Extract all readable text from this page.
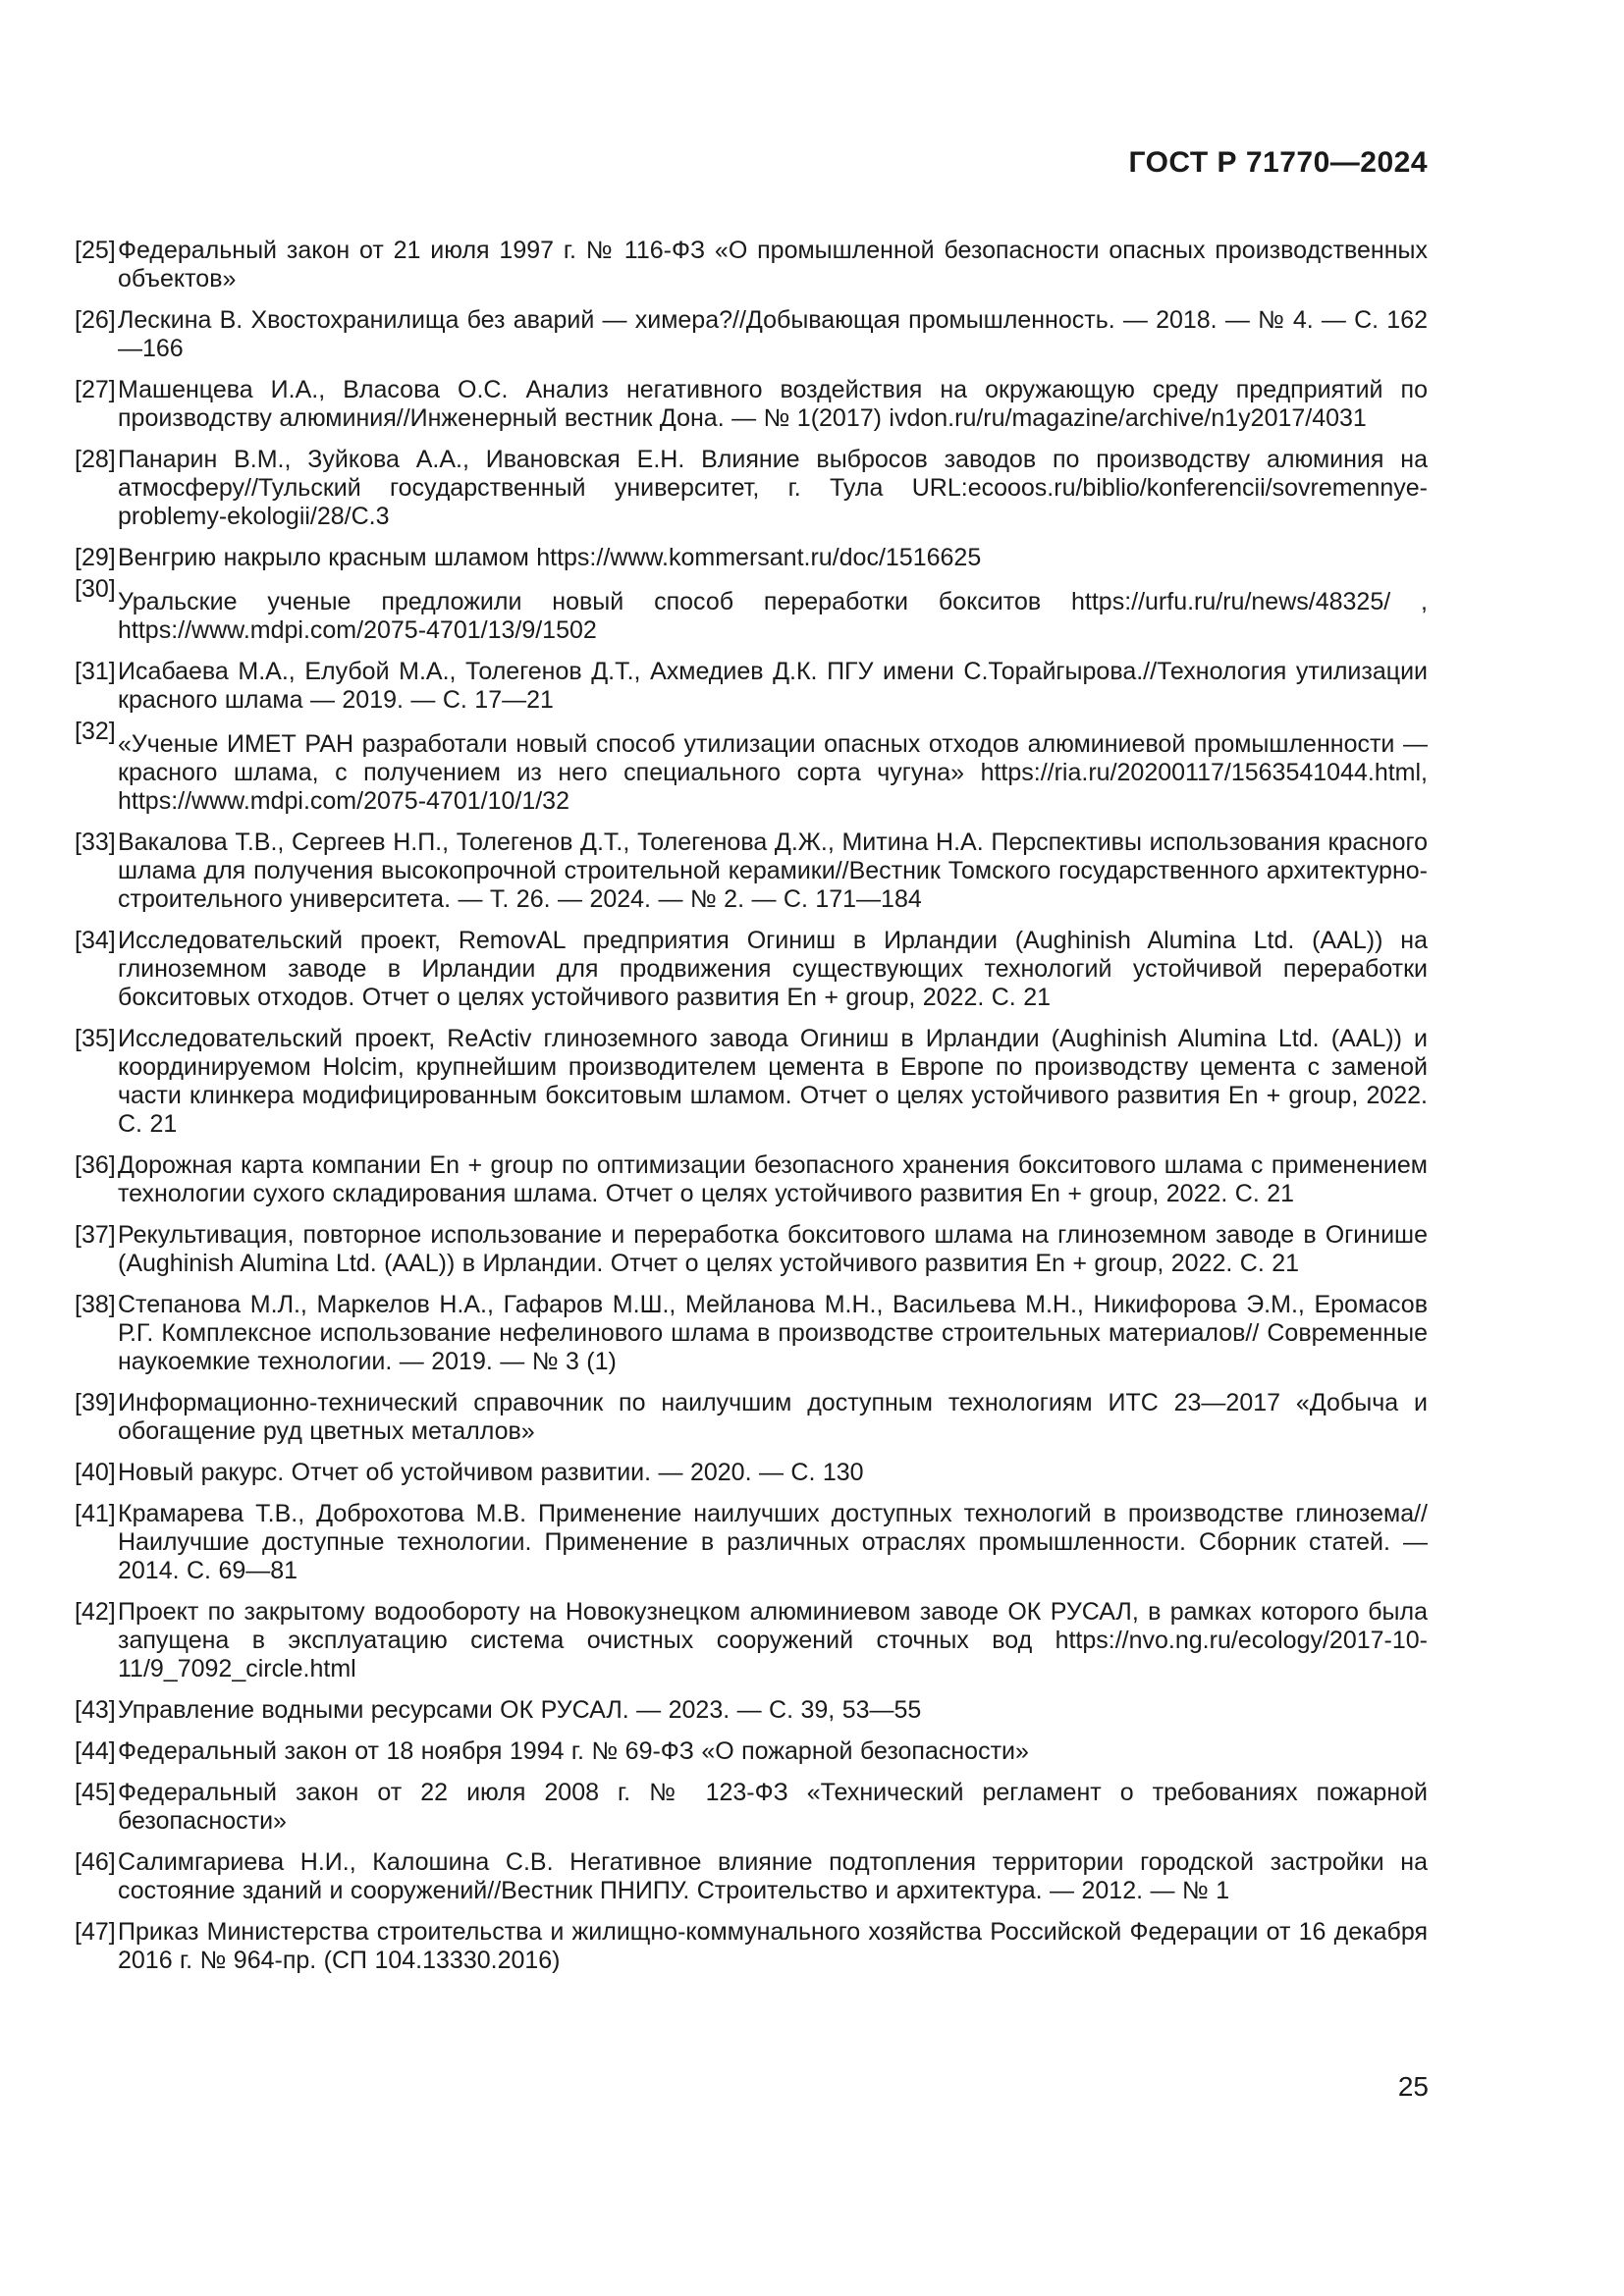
ГОСТ Р 71770—2024
[25] Федеральный закон от 21 июля 1997 г. № 116-ФЗ «О промышленной безопасности опасных производственных объектов»
[26] Лескина В. Хвостохранилища без аварий — химера?//Добывающая промышленность. — 2018. — № 4. — С. 162—166
[27] Машенцева И.А., Власова О.С. Анализ негативного воздействия на окружающую среду предприятий по производству алюминия//Инженерный вестник Дона. — № 1(2017) ivdon.ru/ru/magazine/archive/n1y2017/4031
[28] Панарин В.М., Зуйкова А.А., Ивановская Е.Н. Влияние выбросов заводов по производству алюминия на атмосферу//Тульский государственный университет, г. Тула URL:ecooos.ru/biblio/konferencii/sovremennye-problemy-ekologii/28/C.3
[29] Венгрию накрыло красным шламом https://www.kommersant.ru/doc/1516625
[30] Уральские ученые предложили новый способ переработки бокситов https://urfu.ru/ru/news/48325/ , https://www.mdpi.com/2075-4701/13/9/1502
[31] Исабаева М.А., Елубой М.А., Толегенов Д.Т., Ахмедиев Д.К. ПГУ имени С.Торайгырова.//Технология утилизации красного шлама — 2019. — С. 17—21
[32] «Ученые ИМЕТ РАН разработали новый способ утилизации опасных отходов алюминиевой промышленности — красного шлама, с получением из него специального сорта чугуна» https://ria.ru/20200117/1563541044.html, https://www.mdpi.com/2075-4701/10/1/32
[33] Вакалова Т.В., Сергеев Н.П., Толегенов Д.Т., Толегенова Д.Ж., Митина Н.А. Перспективы использования красного шлама для получения высокопрочной строительной керамики//Вестник Томского государственного архитектурно-строительного университета. — Т. 26. — 2024. — № 2. — С. 171—184
[34] Исследовательский проект, RemovAL предприятия Огиниш в Ирландии (Aughinish Alumina Ltd. (AAL)) на глиноземном заводе в Ирландии для продвижения существующих технологий устойчивой переработки бокситовых отходов. Отчет о целях устойчивого развития En + group, 2022. С. 21
[35] Исследовательский проект, ReActiv глиноземного завода Огиниш в Ирландии (Aughinish Alumina Ltd. (AAL)) и координируемом Holcim, крупнейшим производителем цемента в Европе по производству цемента с заменой части клинкера модифицированным бокситовым шламом. Отчет о целях устойчивого развития En + group, 2022. С. 21
[36] Дорожная карта компании En + group по оптимизации безопасного хранения бокситового шлама с применением технологии сухого складирования шлама. Отчет о целях устойчивого развития En + group, 2022. С. 21
[37] Рекультивация, повторное использование и переработка бокситового шлама на глиноземном заводе в Огинише (Aughinish Alumina Ltd. (AAL)) в Ирландии. Отчет о целях устойчивого развития En + group, 2022. С. 21
[38] Степанова М.Л., Маркелов Н.А., Гафаров М.Ш., Мейланова М.Н., Васильева М.Н., Никифорова Э.М., Еромасов Р.Г. Комплексное использование нефелинового шлама в производстве строительных материалов// Современные наукоемкие технологии. — 2019. — № 3 (1)
[39] Информационно-технический справочник по наилучшим доступным технологиям ИТС 23—2017 «Добыча и обогащение руд цветных металлов»
[40] Новый ракурс. Отчет об устойчивом развитии. — 2020. — С. 130
[41] Крамарева Т.В., Доброхотова М.В. Применение наилучших доступных технологий в производстве глинозема// Наилучшие доступные технологии. Применение в различных отраслях промышленности. Сборник статей. — 2014. С. 69—81
[42] Проект по закрытому водообороту на Новокузнецком алюминиевом заводе ОК РУСАЛ, в рамках которого была запущена в эксплуатацию система очистных сооружений сточных вод https://nvo.ng.ru/ecology/2017-10-11/9_7092_circle.html
[43] Управление водными ресурсами ОК РУСАЛ. — 2023. — С. 39, 53—55
[44] Федеральный закон от 18 ноября 1994 г. № 69-ФЗ «О пожарной безопасности»
[45] Федеральный закон от 22 июля 2008 г. № 123-ФЗ «Технический регламент о требованиях пожарной безопасности»
[46] Салимгариева Н.И., Калошина С.В. Негативное влияние подтопления территории городской застройки на состояние зданий и сооружений//Вестник ПНИПУ. Строительство и архитектура. — 2012. — № 1
[47] Приказ Министерства строительства и жилищно-коммунального хозяйства Российской Федерации от 16 декабря 2016 г. № 964-пр. (СП 104.13330.2016)
25
